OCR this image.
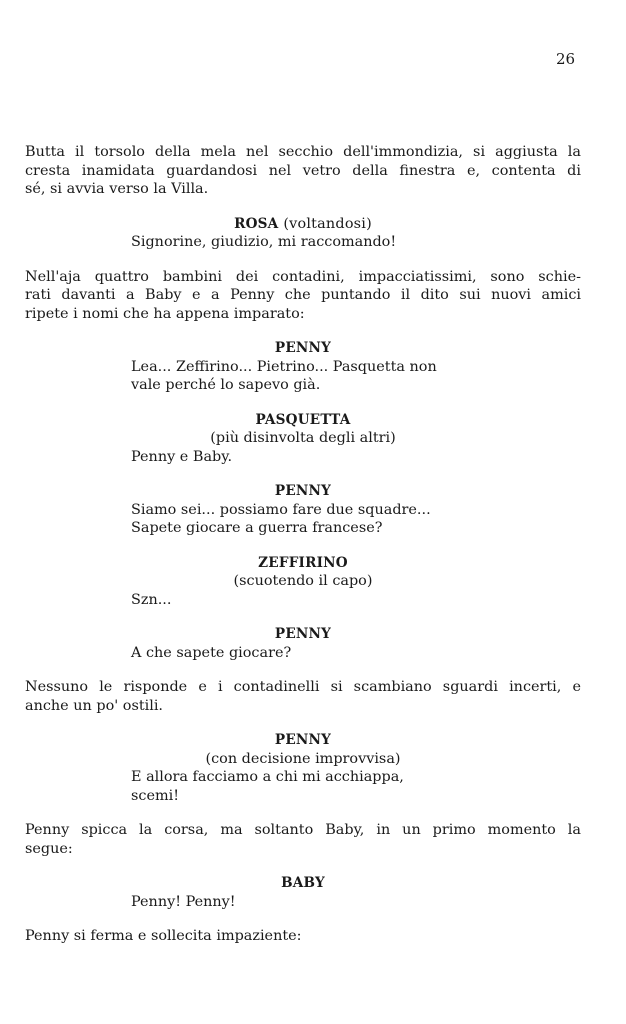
26
Butta il torsolo della mela nel secchio dell'immondizia, si aggiusta la
cresta inamidata guardandosi nel vetro della finestra e, contenta di
sé, si avvia verso la Villa.
ROSA (voltandosi)
Signorine, giudizio, mi raccomando!
Nell'aja quattro bambini dei contadini, impacciatissimi, sono schie-
rati davanti a Baby e a Penny che puntando il dito sui nuovi amici
ripete i nomi che ha appena imparato:
PENNY
Lea... Zeffirino... Pietrino... Pasquetta non
vale perché lo sapevo già.
PASQUETTA
(più disinvolta degli altri)
Penny e Baby.
PENNY
Siamo sei... possiamo fare due squadre...
Sapete giocare a guerra francese?
ZEFFIRINO
(scuotendo il capo)
Szn...
PENNY
A che sapete giocare?
Nessuno le risponde e i contadinelli si scambiano sguardi incerti, e
anche un po' ostili.
PENNY
(con decisione improvvisa)
E allora facciamo a chi mi acchiappa,
scemi!
Penny spicca la corsa, ma soltanto Baby, in un primo momento la
segue:
BABY
Penny! Penny!
Penny si ferma e sollecita impaziente:
